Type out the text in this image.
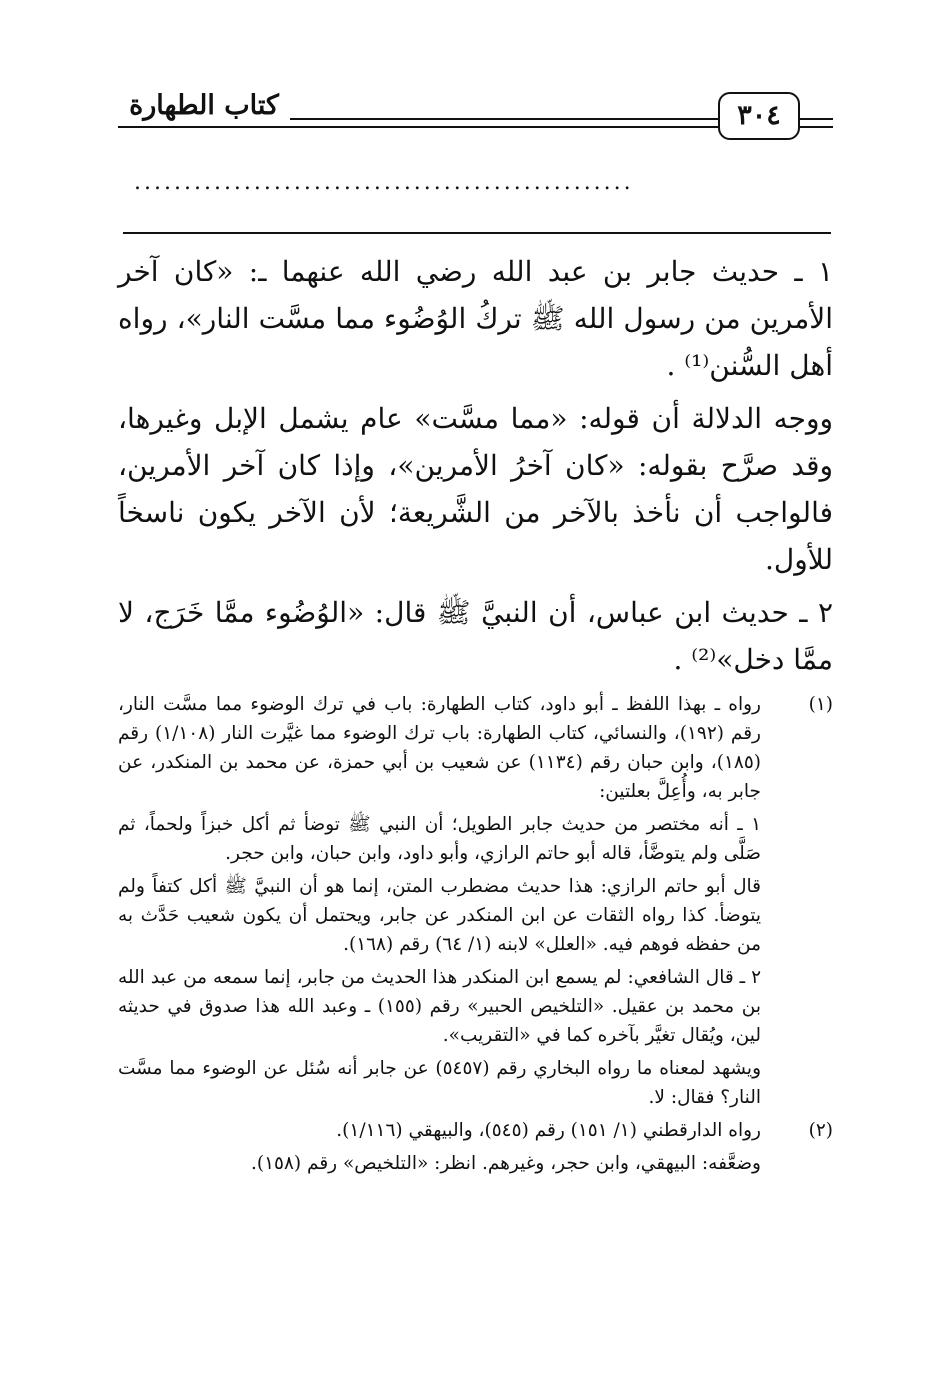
كتاب الطهارة	٣٠٤
..................................................

١ ـ حديث جابر بن عبد الله رضي الله عنهما ـ: «كان آخر الأمرين من رسول الله ﷺ تركُ الوُضُوء مما مسَّت النار»، رواه أهل السُّنن⁽¹⁾ .

ووجه الدلالة أن قوله: «مما مسَّت» عام يشمل الإبل وغيرها، وقد صرَّح بقوله: «كان آخرُ الأمرين»، وإذا كان آخر الأمرين، فالواجب أن نأخذ بالآخر من الشَّريعة؛ لأن الآخر يكون ناسخاً للأول.

٢ ـ حديث ابن عباس، أن النبيَّ ﷺ قال: «الوُضُوء ممَّا خَرَج، لا ممَّا دخل»⁽²⁾ .

(١)

رواه ـ بهذا اللفظ ـ أبو داود، كتاب الطهارة: باب في ترك الوضوء مما مسَّت النار، رقم (١٩٢)، والنسائي، كتاب الطهارة: باب ترك الوضوء مما غيَّرت النار (١/١٠٨) رقم (١٨٥)، وابن حبان رقم (١١٣٤) عن شعيب بن أبي حمزة، عن محمد بن المنكدر، عن جابر به، وأُعِلَّ بعلتين:

١ ـ أنه مختصر من حديث جابر الطويل؛ أن النبي ﷺ توضأ ثم أكل خبزاً ولحماً، ثم صَلَّى ولم يتوضَّأ، قاله أبو حاتم الرازي، وأبو داود، وابن حبان، وابن حجر.

قال أبو حاتم الرازي: هذا حديث مضطرب المتن، إنما هو أن النبيَّ ﷺ أكل كتفاً ولم يتوضأ. كذا رواه الثقات عن ابن المنكدر عن جابر، ويحتمل أن يكون شعيب حَدَّث به من حفظه فوهم فيه. «العلل» لابنه (١/ ٦٤) رقم (١٦٨).

٢ ـ قال الشافعي: لم يسمع ابن المنكدر هذا الحديث من جابر، إنما سمعه من عبد الله بن محمد بن عقيل. «التلخيص الحبير» رقم (١٥٥) ـ وعبد الله هذا صدوق في حديثه لين، ويُقال تغيَّر بآخره كما في «التقريب».

ويشهد لمعناه ما رواه البخاري رقم (٥٤٥٧) عن جابر أنه سُئل عن الوضوء مما مسَّت النار؟ فقال: لا.

(٢)

رواه الدارقطني (١/ ١٥١) رقم (٥٤٥)، والبيهقي (١/١١٦).

وضعَّفه: البيهقي، وابن حجر، وغيرهم. انظر: «التلخيص» رقم (١٥٨).
